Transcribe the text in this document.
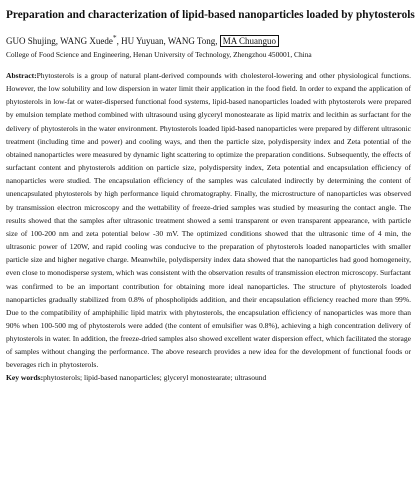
Preparation and characterization of lipid-based nanoparticles loaded by phytosterols
GUO Shujing, WANG Xuede*, HU Yuyuan, WANG Tong, MA Chuanguo
College of Food Science and Engineering, Henan University of Technology, Zhengzhou 450001, China

Abstract:Phytosterols is a group of natural plant-derived compounds with cholesterol-lowering and other physiological functions. However, the low solubility and low dispersion in water limit their application in the food field. In order to expand the application of phytosterols in low-fat or water-dispersed functional food systems, lipid-based nanoparticles loaded with phytosterols were prepared by emulsion template method combined with ultrasound using glyceryl monostearate as lipid matrix and lecithin as surfactant for the delivery of phytosterols in the water environment. Phytosterols loaded lipid-based nanoparticles were prepared by different ultrasonic treatment (including time and power) and cooling ways, and then the particle size, polydispersity index and Zeta potential of the obtained nanoparticles were measured by dynamic light scattering to optimize the preparation conditions. Subsequently, the effects of surfactant content and phytosterols addition on particle size, polydispersity index, Zeta potential and encapsulation efficiency of nanoparticles were studied. The encapsulation efficiency of the samples was calculated indirectly by determining the content of unencapsulated phytosterols by high performance liquid chromatography. Finally, the microstructure of nanoparticles was observed by transmission electron microscopy and the wettability of freeze-dried samples was studied by measuring the contact angle. The results showed that the samples after ultrasonic treatment showed a semi transparent or even transparent appearance, with particle size of 100-200 nm and zeta potential below -30 mV. The optimized conditions showed that the ultrasonic time of 4 min, the ultrasonic power of 120W, and rapid cooling was conducive to the preparation of phytosterols loaded nanoparticles with smaller particle size and higher negative charge. Meanwhile, polydispersity index data showed that the nanoparticles had good homogeneity, even close to monodisperse system, which was consistent with the observation results of transmission electron microscopy. Surfactant was confirmed to be an important contribution for obtaining more ideal nanoparticles. The structure of phytosterols loaded nanoparticles gradually stabilized from 0.8% of phospholipids addition, and their encapsulation efficiency reached more than 99%. Due to the compatibility of amphiphilic lipid matrix with phytosterols, the encapsulation efficiency of nanoparticles was more than 90% when 100-500 mg of phytosterols were added (the content of emulsifier was 0.8%), achieving a high concentration delivery of phytosterols in water. In addition, the freeze-dried samples also showed excellent water dispersion effect, which facilitated the storage of samples without changing the performance. The above research provides a new idea for the development of functional foods or beverages rich in phytosterols.

Key words:phytosterols; lipid-based nanoparticles; glyceryl monostearate; ultrasound
